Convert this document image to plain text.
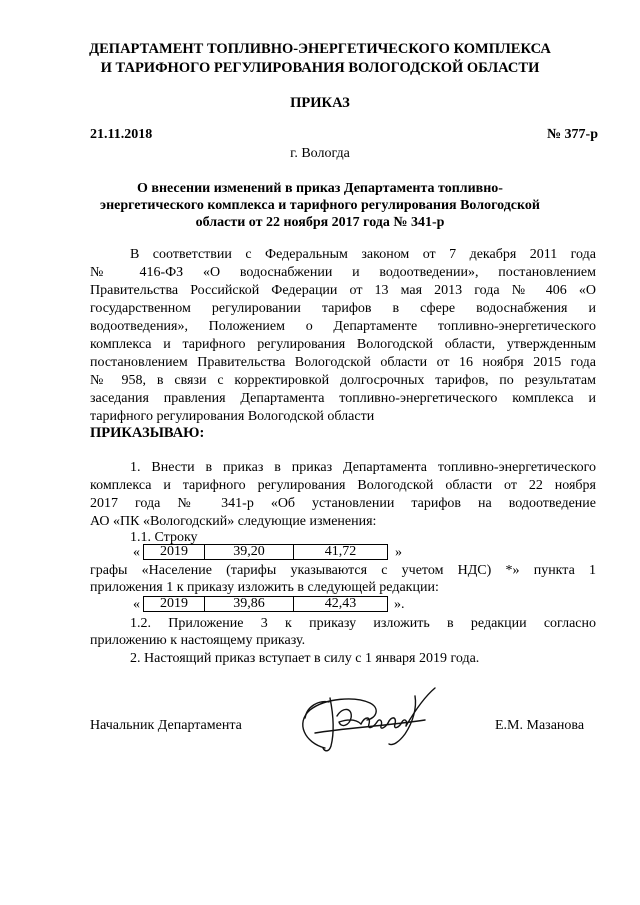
ДЕПАРТАМЕНТ ТОПЛИВНО-ЭНЕРГЕТИЧЕСКОГО КОМПЛЕКСА
И ТАРИФНОГО РЕГУЛИРОВАНИЯ ВОЛОГОДСКОЙ ОБЛАСТИ
ПРИКАЗ
21.11.2018	№ 377-р
г. Вологда
О внесении изменений в приказ Департамента топливно-
энергетического комплекса и тарифного регулирования Вологодской
области от 22 ноября 2017 года № 341-р
В соответствии с Федеральным законом от 7 декабря 2011 года
№ 416-ФЗ «О водоснабжении и водоотведении», постановлением
Правительства Российской Федерации от 13 мая 2013 года № 406 «О
государственном регулировании тарифов в сфере водоснабжения и
водоотведения», Положением о Департаменте топливно-энергетического
комплекса и тарифного регулирования Вологодской области, утвержденным
постановлением Правительства Вологодской области от 16 ноября 2015 года
№ 958, в связи с корректировкой долгосрочных тарифов, по результатам
заседания правления Департамента топливно-энергетического комплекса и
тарифного регулирования Вологодской области
ПРИКАЗЫВАЮ:
1. Внести в приказ в приказ Департамента топливно-энергетического
комплекса и тарифного регулирования Вологодской области от 22 ноября
2017 года № 341-р «Об установлении тарифов на водоотведение
АО «ПК «Вологодский» следующие изменения:
1.1. Строку
«	2019	39,20	41,72	»
графы «Население (тарифы указываются с учетом НДС) *» пункта 1
приложения 1 к приказу изложить в следующей редакции:
«	2019	39,86	42,43	».
1.2. Приложение 3 к приказу изложить в редакции согласно
приложению к настоящему приказу.
2. Настоящий приказ вступает в силу с 1 января 2019 года.
Начальник Департамента	Е.М. Мазанова
